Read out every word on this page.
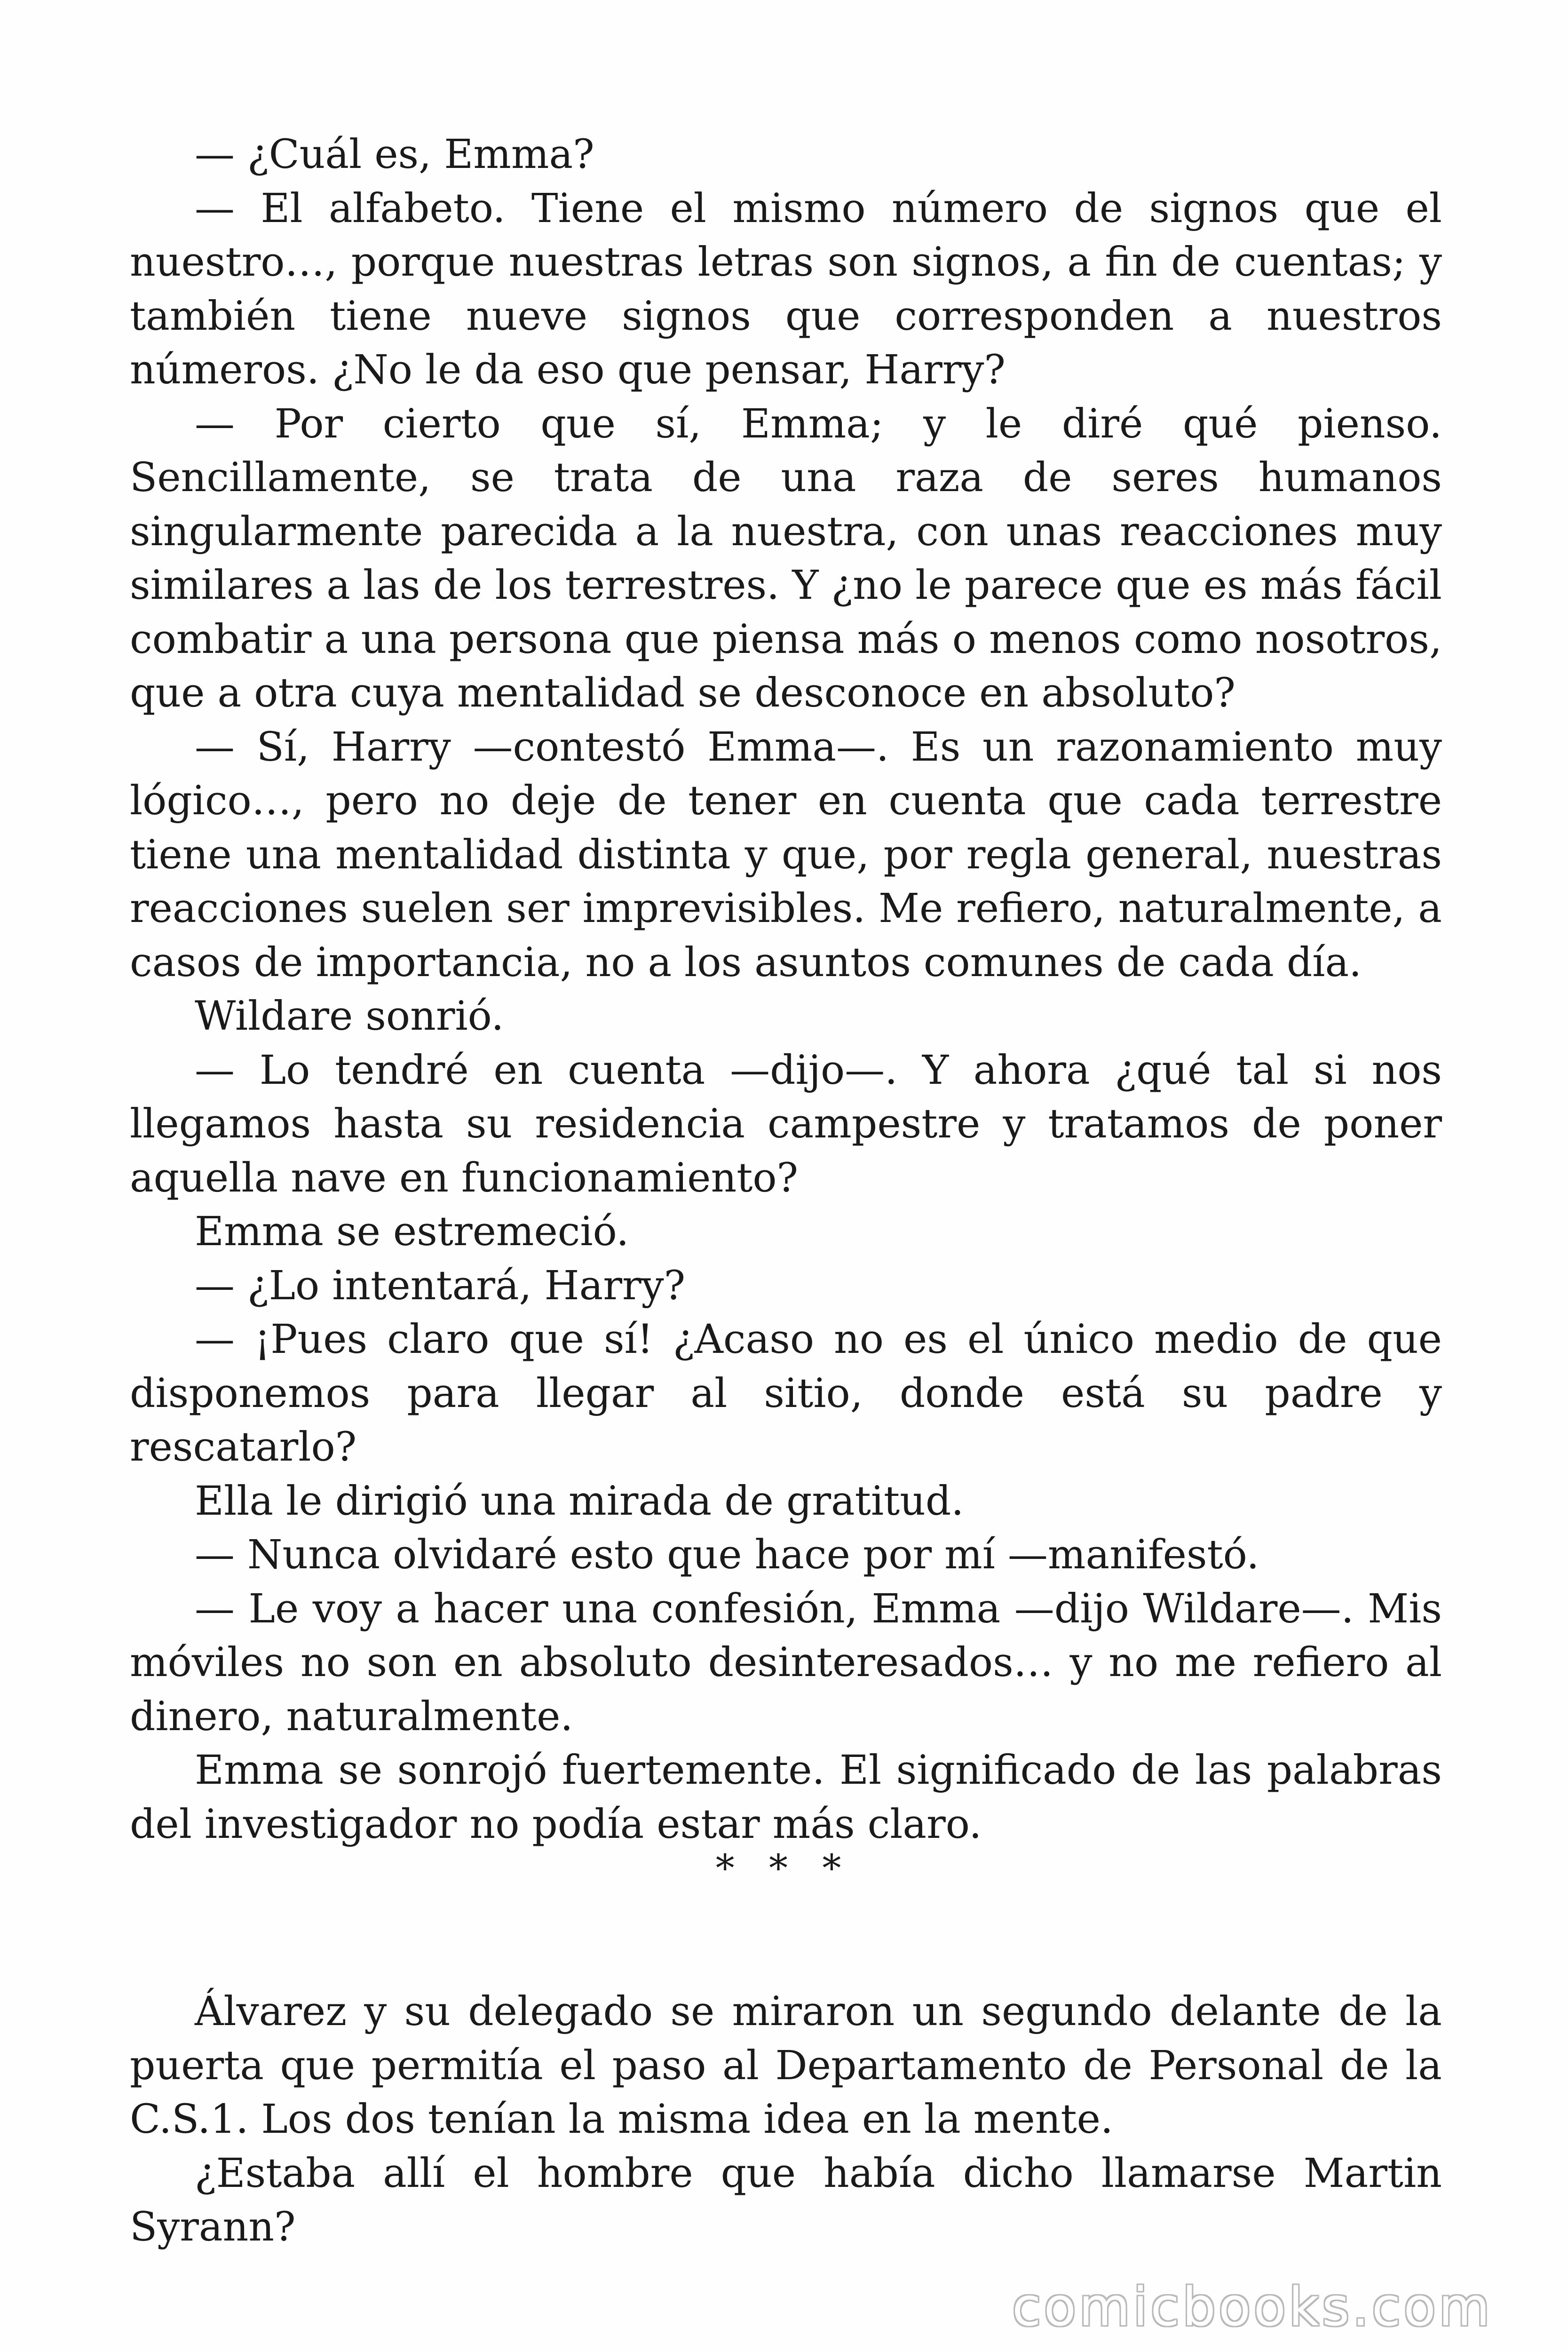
— ¿Cuál es, Emma?

— El alfabeto. Tiene el mismo número de signos que el nuestro…, porque nuestras letras son signos, a fin de cuentas; y también tiene nueve signos que corresponden a nuestros números. ¿No le da eso que pensar, Harry?

— Por cierto que sí, Emma; y le diré qué pienso. Sencillamente, se trata de una raza de seres humanos singularmente parecida a la nuestra, con unas reacciones muy similares a las de los terrestres. Y ¿no le parece que es más fácil combatir a una persona que piensa más o menos como nosotros, que a otra cuya mentalidad se desconoce en absoluto?

— Sí, Harry —contestó Emma—. Es un razonamiento muy lógico…, pero no deje de tener en cuenta que cada terrestre tiene una mentalidad distinta y que, por regla general, nuestras reacciones suelen ser imprevisibles. Me refiero, naturalmente, a casos de importancia, no a los asuntos comunes de cada día.

Wildare sonrió.

— Lo tendré en cuenta —dijo—. Y ahora ¿qué tal si nos llegamos hasta su residencia campestre y tratamos de poner aquella nave en funcionamiento?

Emma se estremeció.

— ¿Lo intentará, Harry?

— ¡Pues claro que sí! ¿Acaso no es el único medio de que disponemos para llegar al sitio, donde está su padre y rescatarlo?

Ella le dirigió una mirada de gratitud.

— Nunca olvidaré esto que hace por mí —manifestó.

— Le voy a hacer una confesión, Emma —dijo Wildare—. Mis móviles no son en absoluto desinteresados… y no me refiero al dinero, naturalmente.

Emma se sonrojó fuertemente. El significado de las palabras del investigador no podía estar más claro.

* * *

Álvarez y su delegado se miraron un segundo delante de la puerta que permitía el paso al Departamento de Personal de la C.S.1. Los dos tenían la misma idea en la mente.

¿Estaba allí el hombre que había dicho llamarse Martin Syrann?

comicbooks.com
